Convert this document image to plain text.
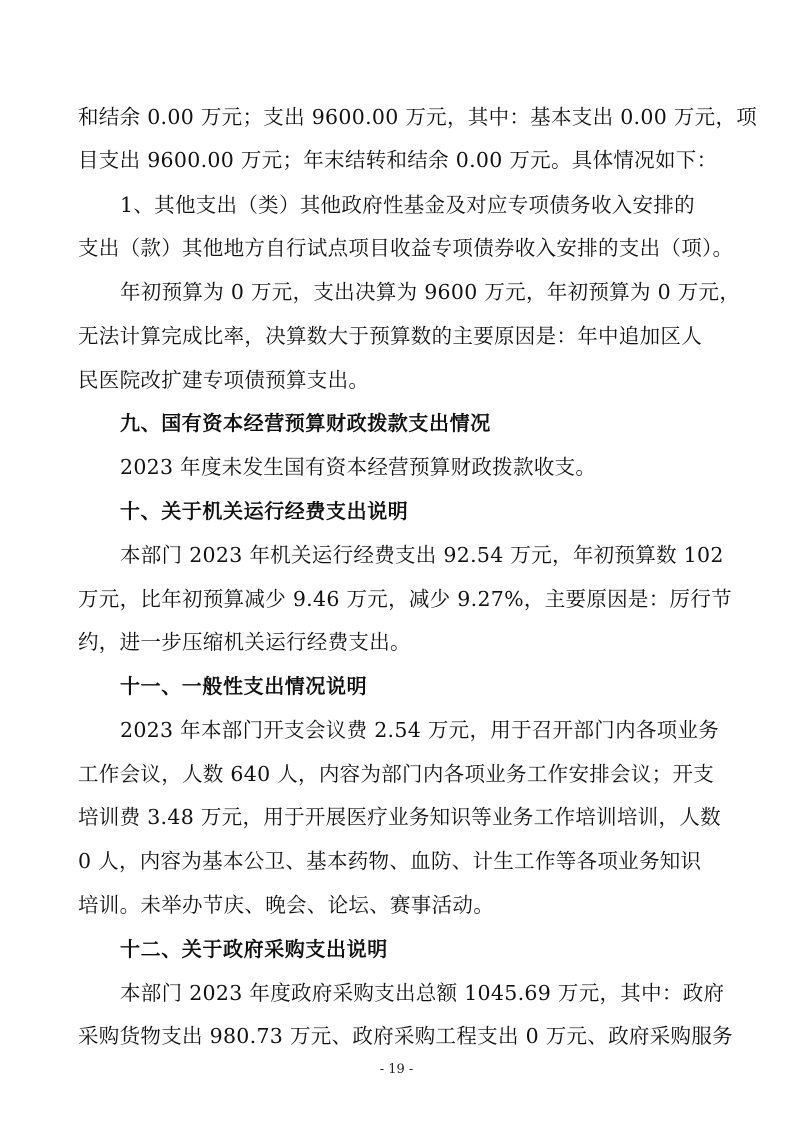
和结余 0.00 万元；支出 9600.00 万元，其中：基本支出 0.00 万元，项
目支出 9600.00 万元；年末结转和结余 0.00 万元。具体情况如下：
1、其他支出（类）其他政府性基金及对应专项债务收入安排的
支出（款）其他地方自行试点项目收益专项债券收入安排的支出（项）。
年初预算为 0 万元，支出决算为 9600 万元，年初预算为 0 万元，
无法计算完成比率，决算数大于预算数的主要原因是：年中追加区人
民医院改扩建专项债预算支出。
九、国有资本经营预算财政拨款支出情况
2023 年度未发生国有资本经营预算财政拨款收支。
十、关于机关运行经费支出说明
本部门 2023 年机关运行经费支出 92.54 万元，年初预算数 102
万元，比年初预算减少 9.46 万元，减少 9.27%，主要原因是：厉行节
约，进一步压缩机关运行经费支出。
十一、一般性支出情况说明
2023 年本部门开支会议费 2.54 万元，用于召开部门内各项业务
工作会议，人数 640 人，内容为部门内各项业务工作安排会议；开支
培训费 3.48 万元，用于开展医疗业务知识等业务工作培训培训，人数
0 人，内容为基本公卫、基本药物、血防、计生工作等各项业务知识
培训。未举办节庆、晚会、论坛、赛事活动。
十二、关于政府采购支出说明
本部门 2023 年度政府采购支出总额 1045.69 万元，其中：政府
采购货物支出 980.73 万元、政府采购工程支出 0 万元、政府采购服务
- 19 -
